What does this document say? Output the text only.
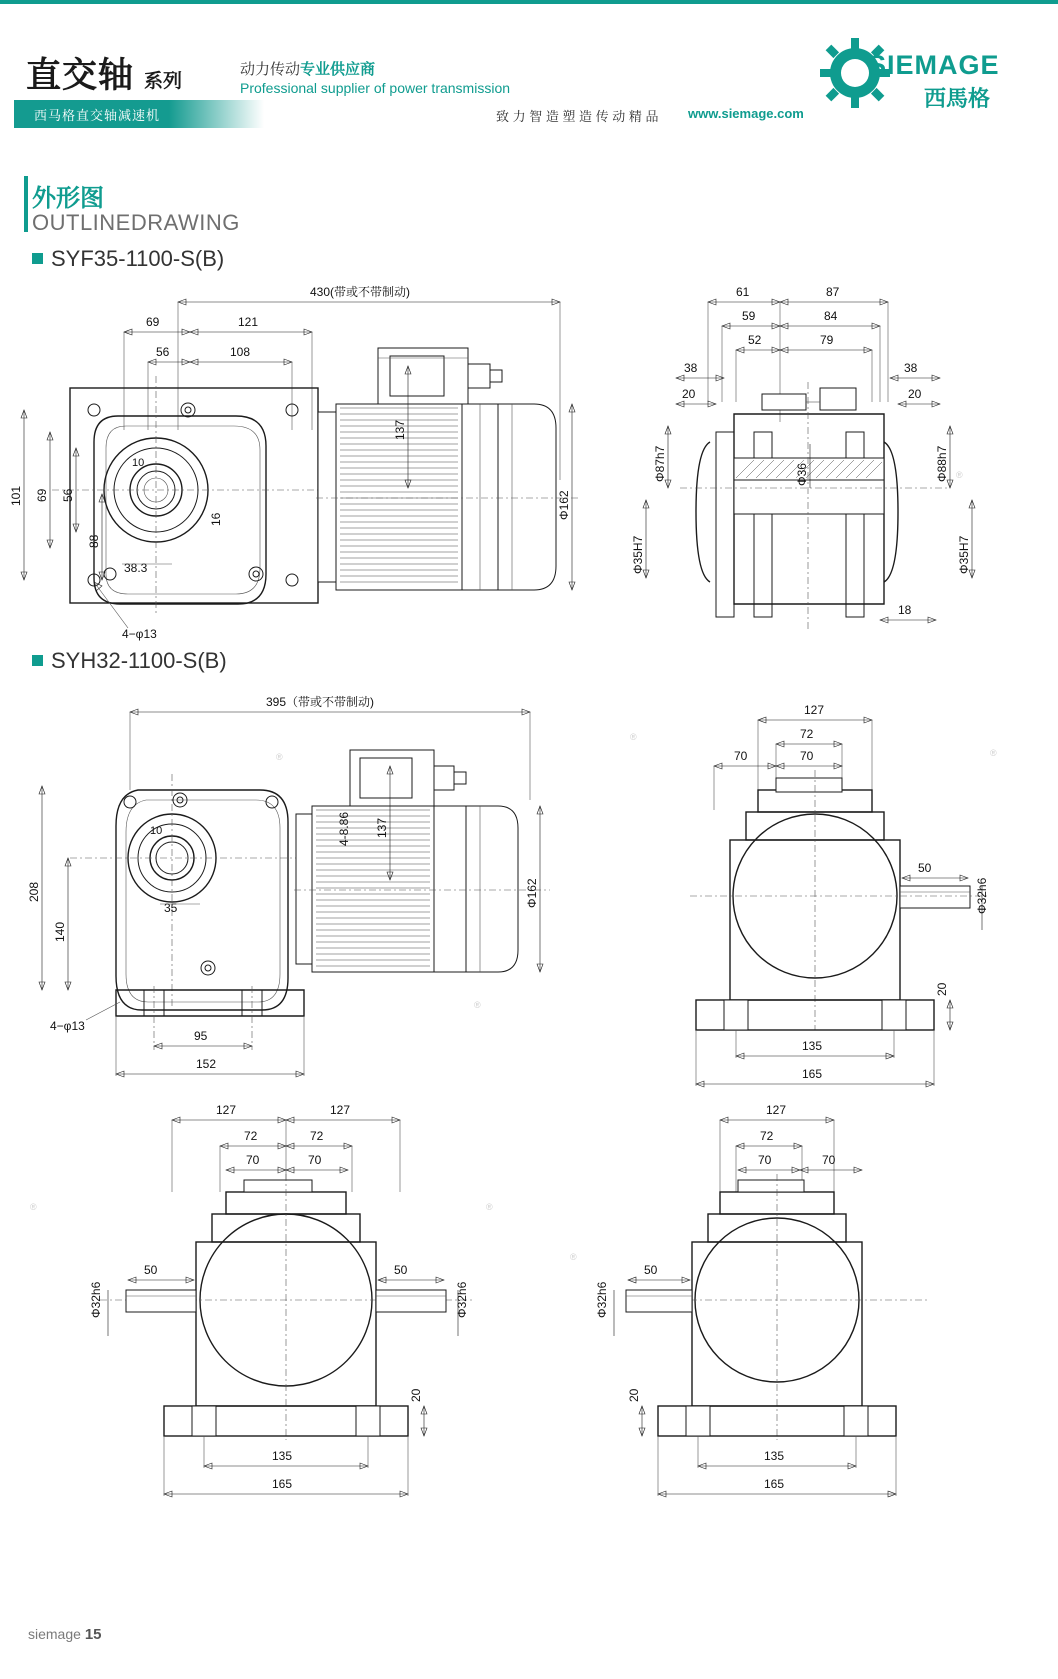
直交轴 系列
西马格直交轴减速机
动力传动专业供应商
Professional supplier of power transmission
致 力 智 造 塑 造 传 动 精 品 www.siemage.com
SIEMAGE
西馬格
外形图
OUTLINEDRAWING
SYF35-1100-S(B)
430(带或不带制动)
69	121
56	108
101 69 56
88
10
16
38.3
4−φ13
137
Φ162
61	87
59	84
52	79
38
20
38
20
Φ87h7
Φ35H7
Φ36	Φ88h7
Φ35H7
18
®
SYH32-1100-S(B)
395（带或不带制动)
208
140
10
35
4−φ13
95
152
4-8.86 137
Φ162
®
®
127
72
70	70
50
Φ32h6
20
135
165
®
®
127	127
72	72
70	70
50
Φ32h6
50
Φ32h6
20
135
165
®	®
127
72
70	70
50
Φ32h6
20
135
165
®
siemage 15
